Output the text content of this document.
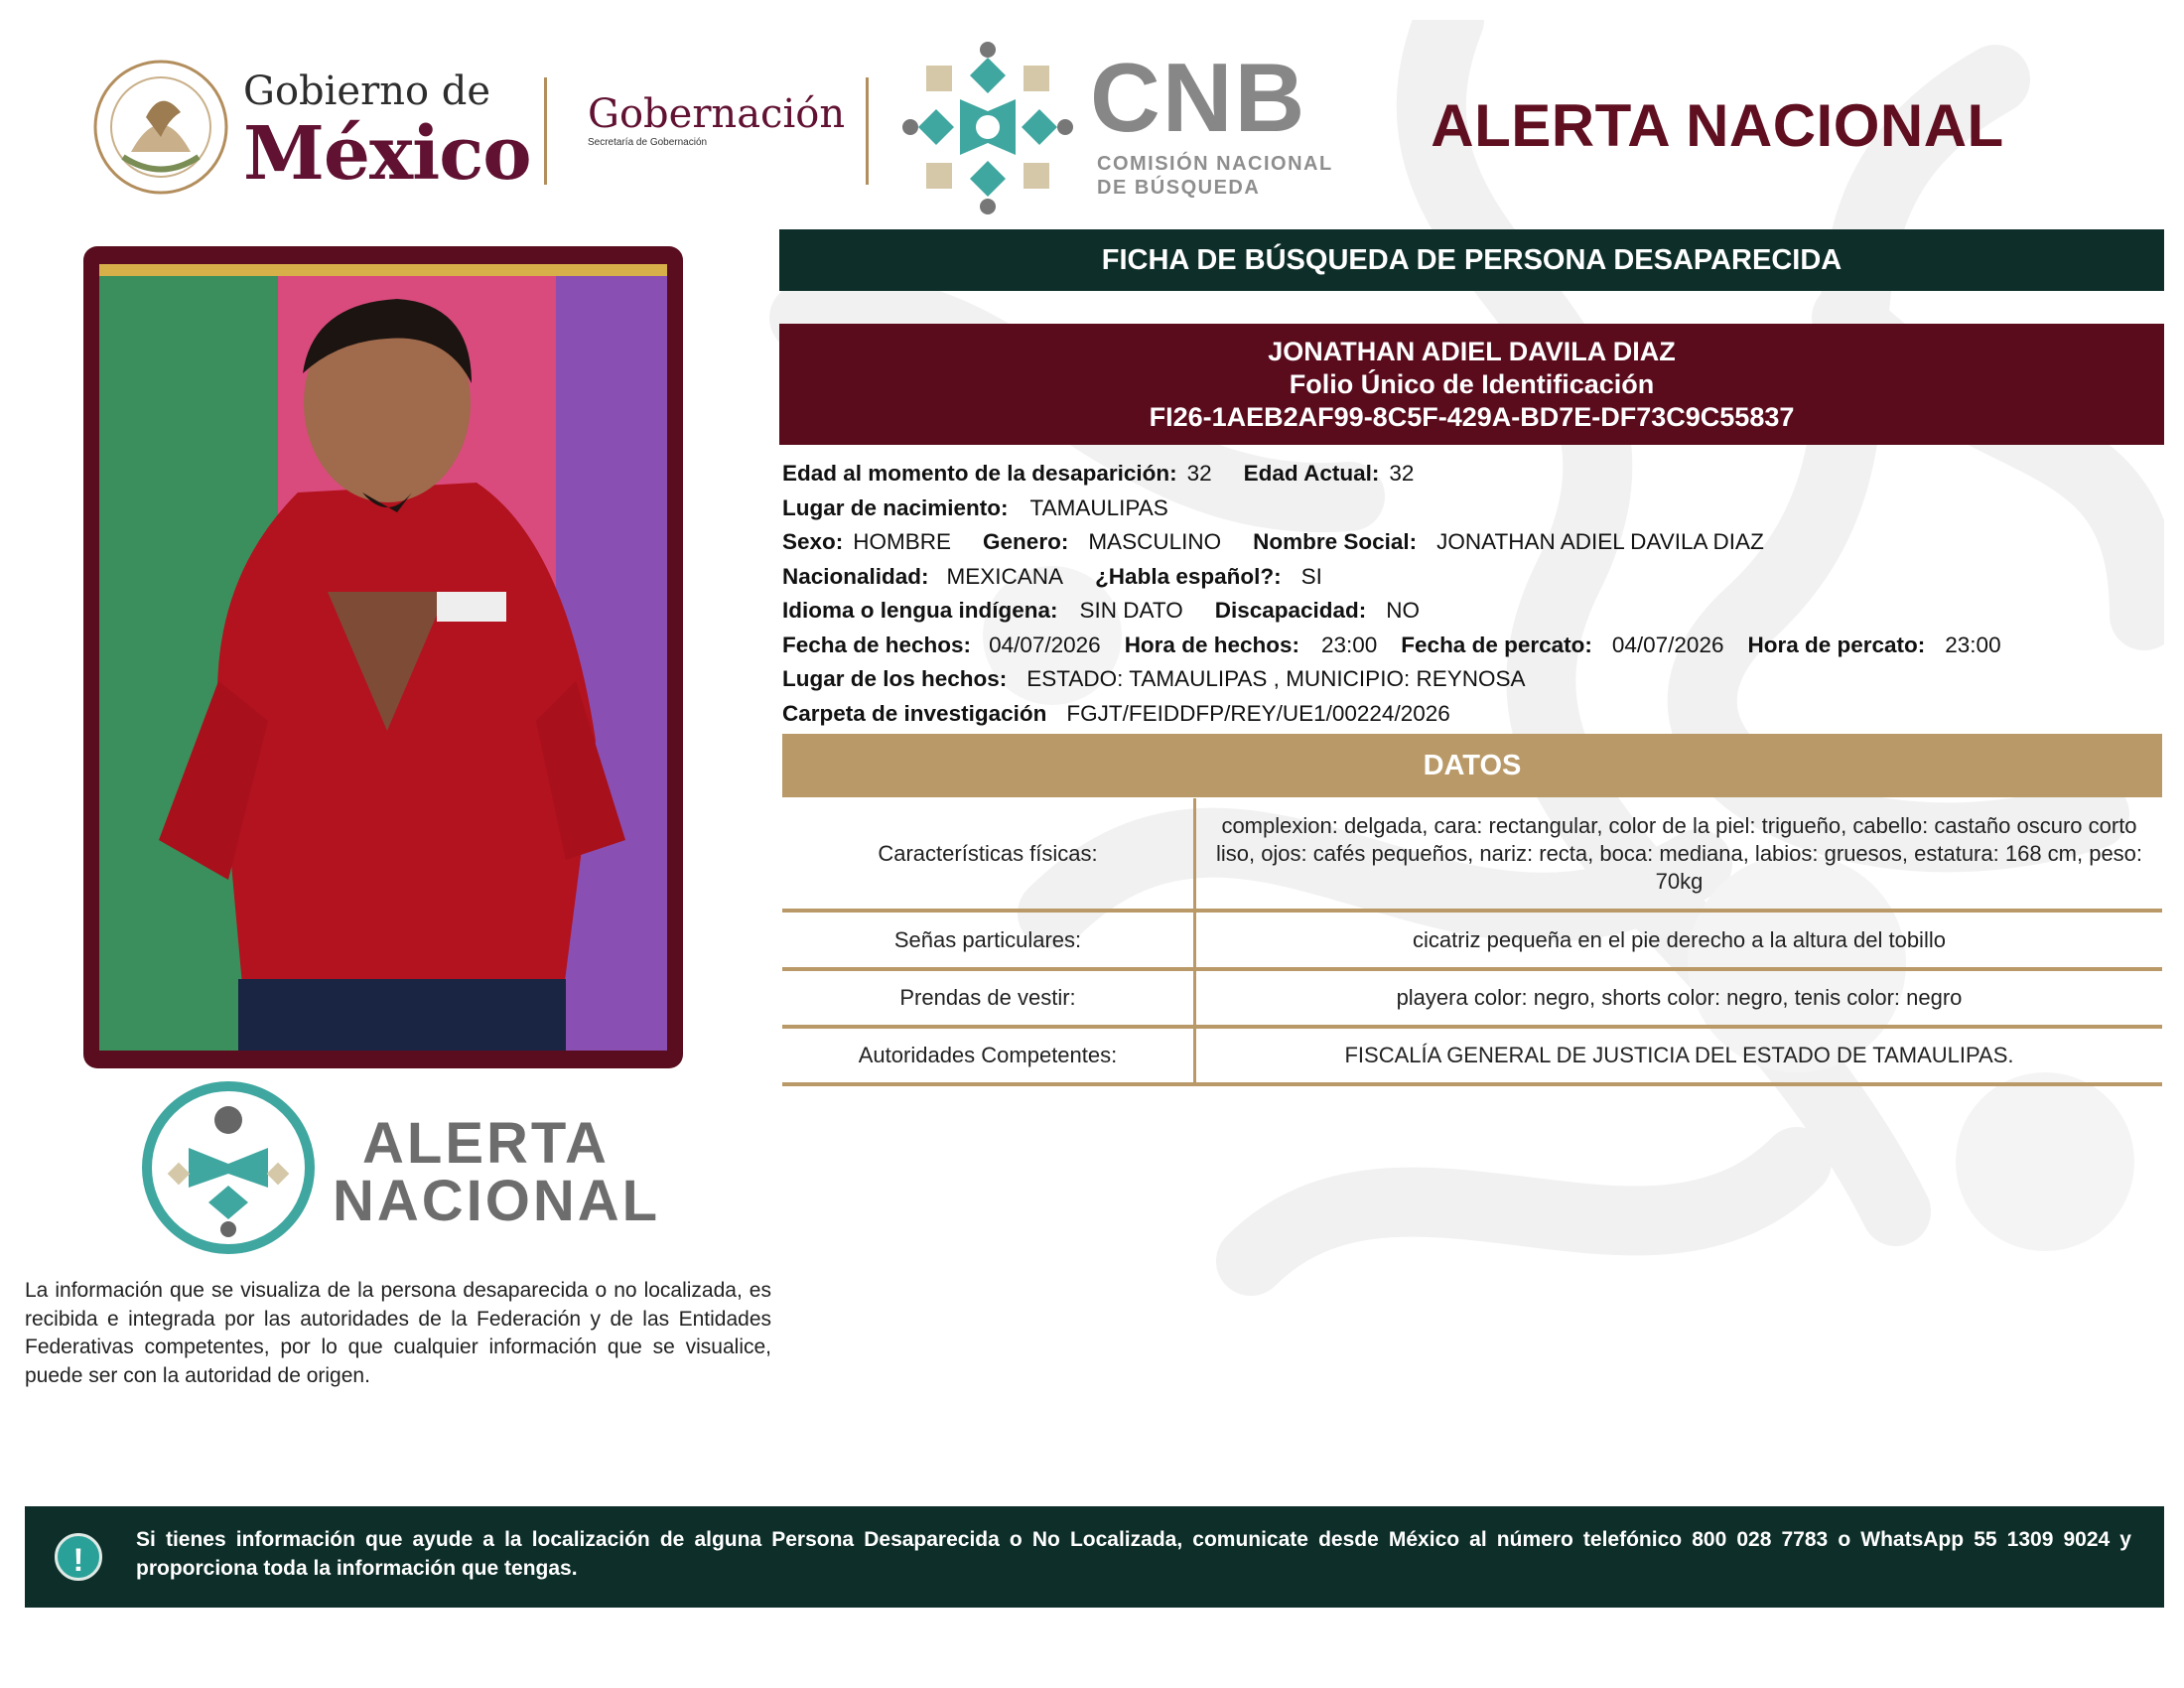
Gobierno de
México Gobernación
Secretaría de Gobernación	CNB
COMISIÓN NACIONAL
DE BÚSQUEDA
ALERTA NACIONAL
FICHA DE BÚSQUEDA DE PERSONA DESAPARECIDA
JONATHAN ADIEL DAVILA DIAZ
Folio Único de Identificación
FI26-1AEB2AF99-8C5F-429A-BD7E-DF73C9C55837
Edad al momento de la desaparición: 32 Edad Actual: 32
Lugar de nacimiento: TAMAULIPAS
Sexo: HOMBRE Genero: MASCULINO Nombre Social: JONATHAN ADIEL DAVILA DIAZ
Nacionalidad: MEXICANA ¿Habla español?: SI
Idioma o lengua indígena: SIN DATO Discapacidad: NO
Fecha de hechos: 04/07/2026 Hora de hechos: 23:00 Fecha de percato: 04/07/2026 Hora de percato: 23:00
Lugar de los hechos: ESTADO: TAMAULIPAS , MUNICIPIO: REYNOSA
Carpeta de investigación FGJT/FEIDDFP/REY/UE1/00224/2026
DATOS
Características físicas:
complexion: delgada, cara: rectangular, color de la piel: trigueño, cabello: castaño oscuro corto liso, ojos: cafés pequeños, nariz: recta, boca: mediana, labios: gruesos, estatura: 168 cm, peso: 70kg
Señas particulares:	cicatriz pequeña en el pie derecho a la altura del tobillo
Prendas de vestir:	playera color: negro, shorts color: negro, tenis color: negro
Autoridades Competentes:	FISCALÍA GENERAL DE JUSTICIA DEL ESTADO DE TAMAULIPAS.
ALERTA
NACIONAL
La información que se visualiza de la persona desaparecida o no localizada, es recibida e integrada por las autoridades de la Federación y de las Entidades Federativas competentes, por lo que cualquier información que se visualice, puede ser con la autoridad de origen.
!
Si tienes información que ayude a la localización de alguna Persona Desaparecida o No Localizada, comunicate desde México al número telefónico 800 028 7783 o WhatsApp 55 1309 9024 y proporciona toda la información que tengas.
